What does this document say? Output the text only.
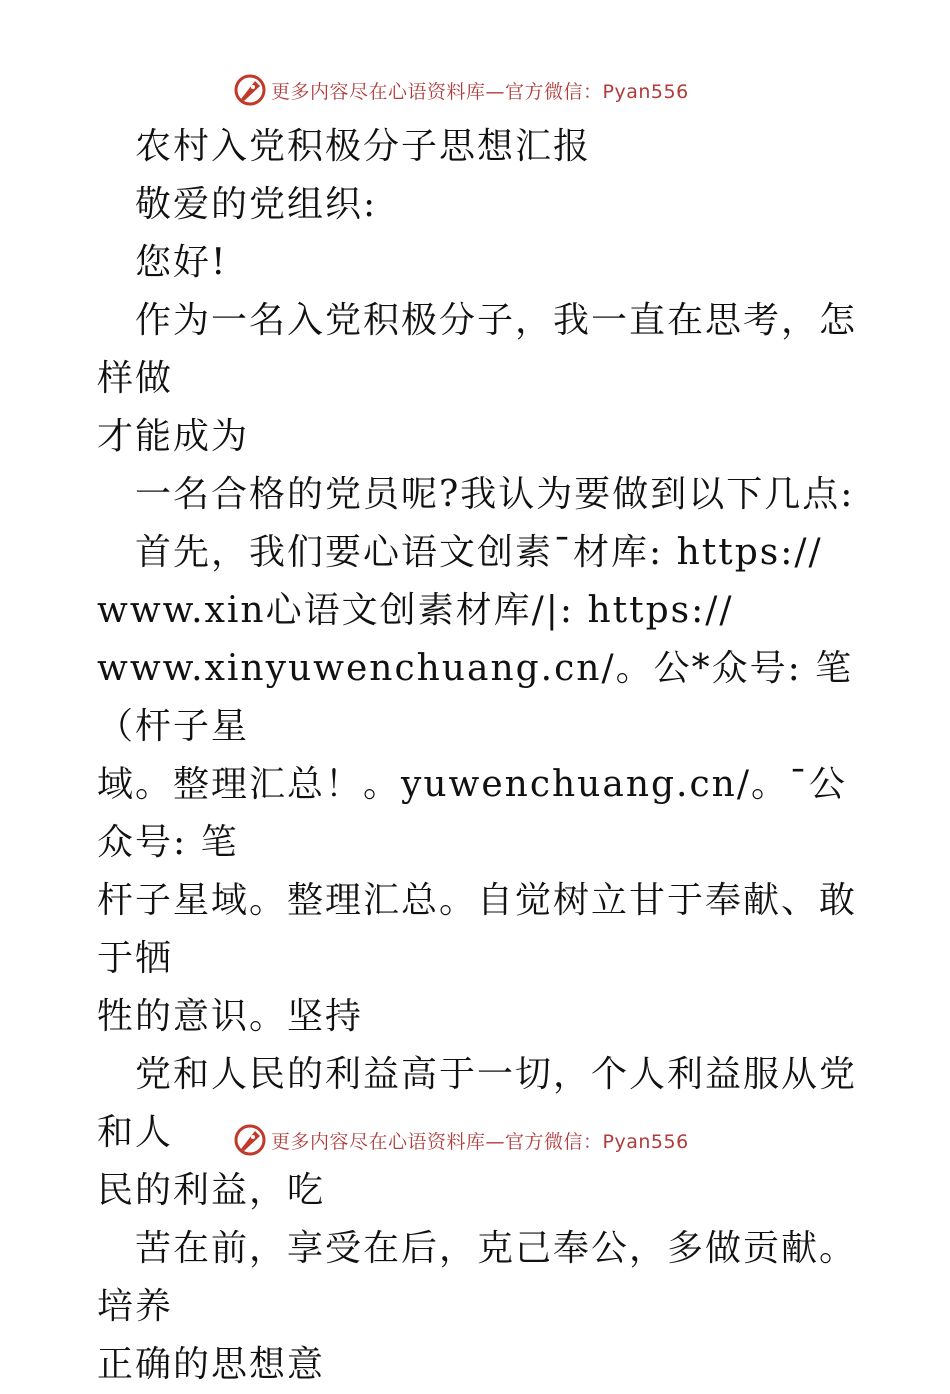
更多内容尽在心语资料库—官方微信：Pyan556

农村入党积极分子思想汇报

敬爱的党组织:

您好!

作为一名入党积极分子，我一直在思考，怎样做

才能成为

一名合格的党员呢?我认为要做到以下几点:

首先，我们要心语文创素¯材库: https://

www.xin心语文创素材库/|: https://

www.xinyuwenchuang.cn/。公*众号: 笔（杆子星

域。整理汇总！。yuwenchuang.cn/。¯公众号: 笔

杆子星域。整理汇总。自觉树立甘于奉献、敢于牺

牲的意识。坚持

党和人民的利益高于一切，个人利益服从党和人

民的利益，吃

苦在前，享受在后，克己奉公，多做贡献。培养

正确的思想意

更多内容尽在心语资料库—官方微信：Pyan556
